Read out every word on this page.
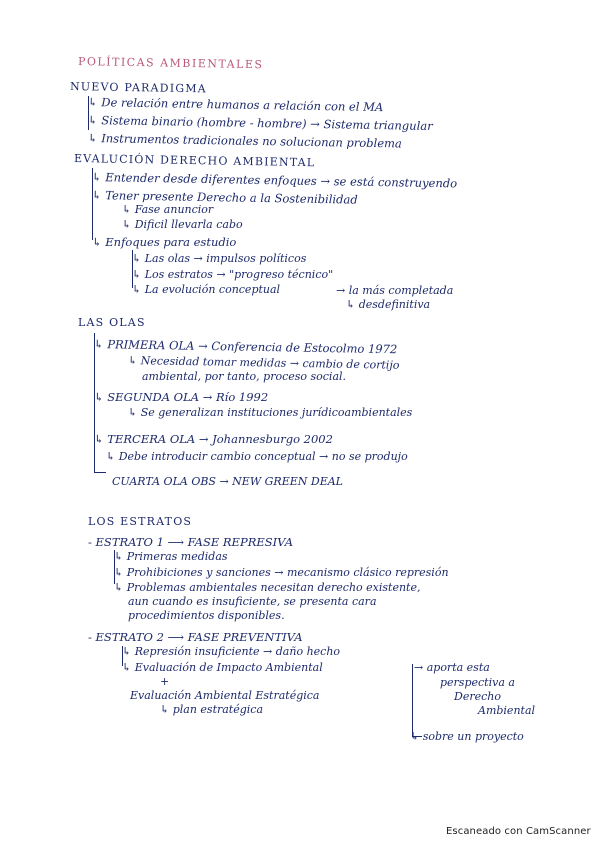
POLÍTICAS AMBIENTALES
NUEVO PARADIGMA
↳ De relación entre humanos a relación con el MA
↳ Sistema binario (hombre - hombre) → Sistema triangular
↳ Instrumentos tradicionales no solucionan problema
EVALUCIÓN DERECHO AMBIENTAL
↳ Entender desde diferentes enfoques → se está construyendo
↳ Tener presente Derecho a la Sostenibilidad
↳ Fase anuncior
↳ Dificil llevarla cabo
↳ Enfoques para estudio
↳ Las olas → impulsos políticos
↳ Los estratos → "progreso técnico"
↳ La evolución conceptual	→ la más completada
↳ desdefinitiva
LAS OLAS
↳ PRIMERA OLA → Conferencia de Estocolmo 1972
↳ Necesidad tomar medidas → cambio de cortijo
ambiental, por tanto, proceso social.
↳ SEGUNDA OLA → Río 1992
↳ Se generalizan instituciones jurídicoambientales
↳ TERCERA OLA → Johannesburgo 2002
↳ Debe introducir cambio conceptual → no se produjo
CUARTA OLA OBS → NEW GREEN DEAL
LOS ESTRATOS
- ESTRATO 1 ⟶ FASE REPRESIVA
↳ Primeras medidas
↳ Prohibiciones y sanciones → mecanismo clásico represión
↳ Problemas ambientales necesitan derecho existente,
aun cuando es insuficiente, se presenta cara
procedimientos disponibles.
- ESTRATO 2 ⟶ FASE PREVENTIVA
↳ Represión insuficiente → daño hecho
↳ Evaluación de Impacto Ambiental
+
Evaluación Ambiental Estratégica
↳ plan estratégica
→ aporta esta
perspectiva a
Derecho
Ambiental
↳ sobre un proyecto
Escaneado con CamScanner
